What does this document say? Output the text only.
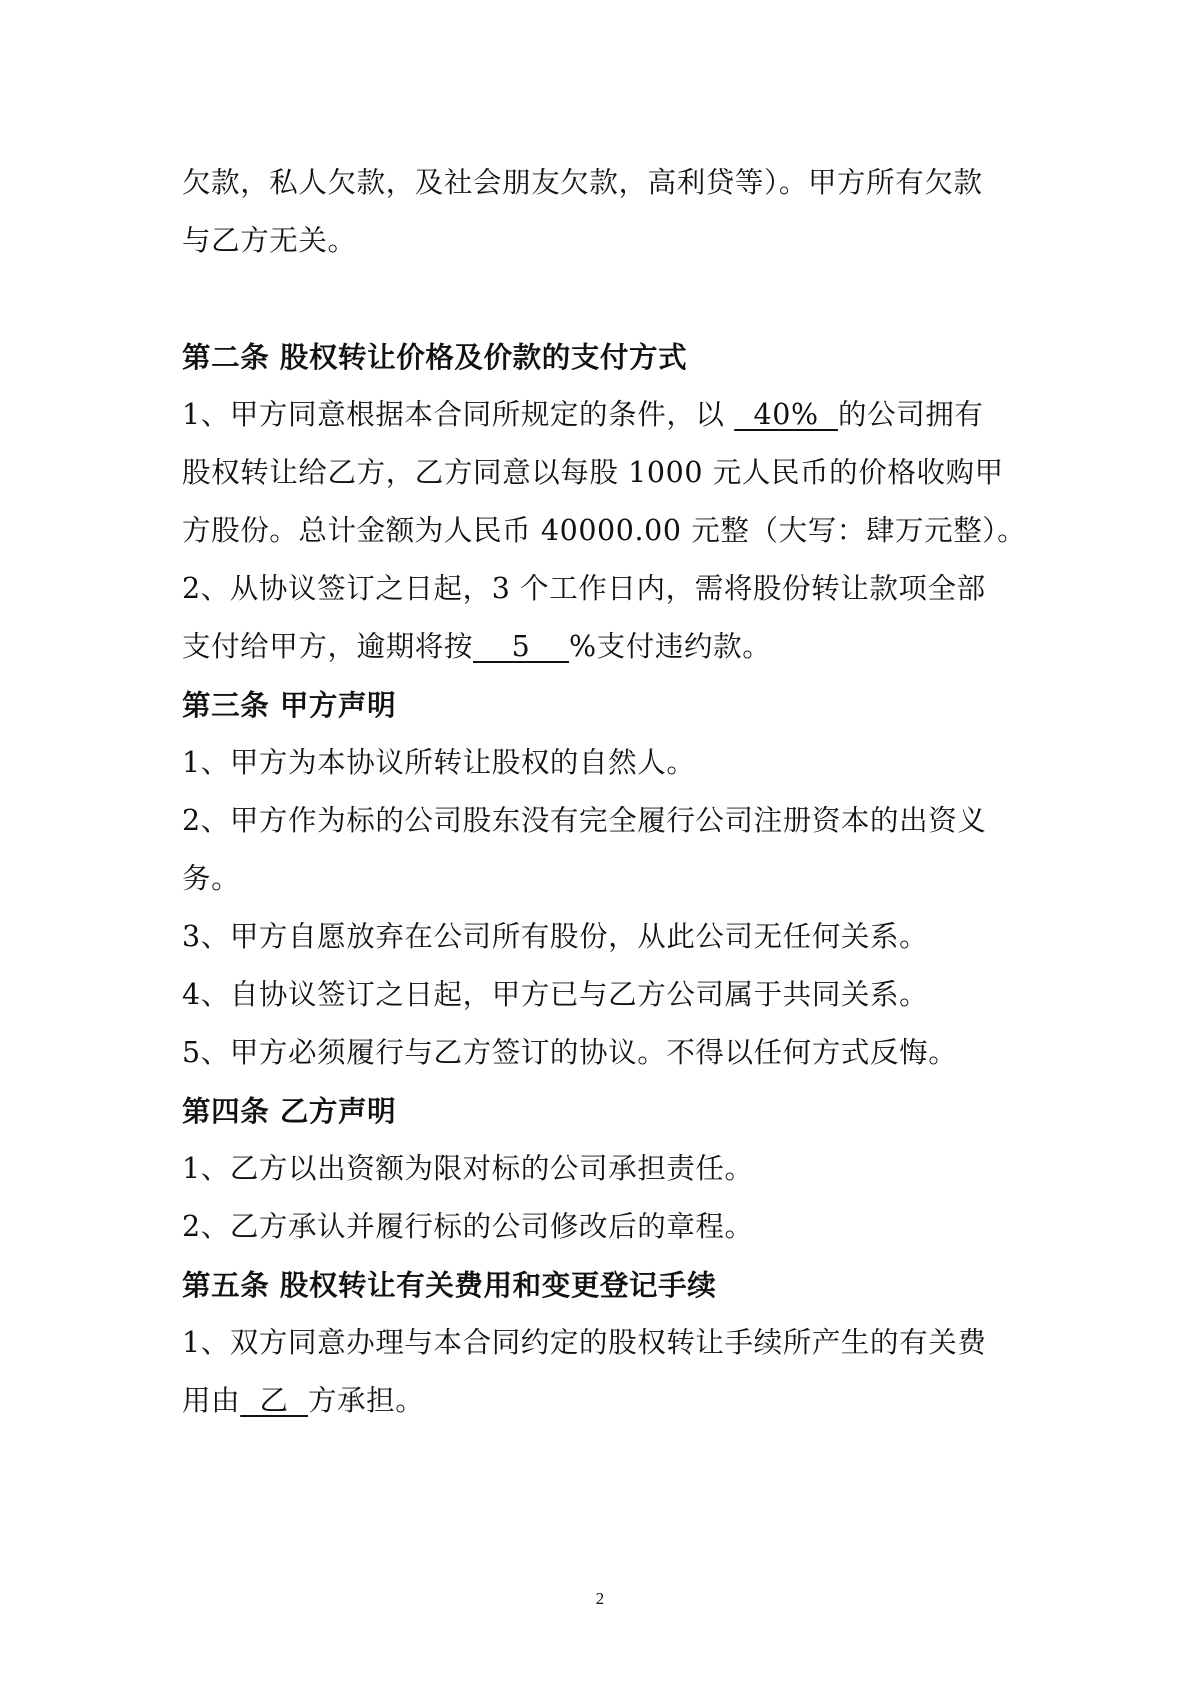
欠款，私人欠款，及社会朋友欠款，高利贷等）。甲方所有欠款
与乙方无关。
第二条 股权转让价格及价款的支付方式
1、甲方同意根据本合同所规定的条件，以   40%  的公司拥有
股权转让给乙方，乙方同意以每股 1000 元人民币的价格收购甲
方股份。总计金额为人民币 40000.00 元整（大写：肆万元整）。
2、从协议签订之日起，3 个工作日内，需将股份转让款项全部
支付给甲方，逾期将按    5    %支付违约款。
第三条 甲方声明
1、甲方为本协议所转让股权的自然人。
2、甲方作为标的公司股东没有完全履行公司注册资本的出资义
务。
3、甲方自愿放弃在公司所有股份，从此公司无任何关系。
4、自协议签订之日起，甲方已与乙方公司属于共同关系。
5、甲方必须履行与乙方签订的协议。不得以任何方式反悔。
第四条 乙方声明
1、乙方以出资额为限对标的公司承担责任。
2、乙方承认并履行标的公司修改后的章程。
第五条 股权转让有关费用和变更登记手续
1、双方同意办理与本合同约定的股权转让手续所产生的有关费
用由  乙  方承担。
2
